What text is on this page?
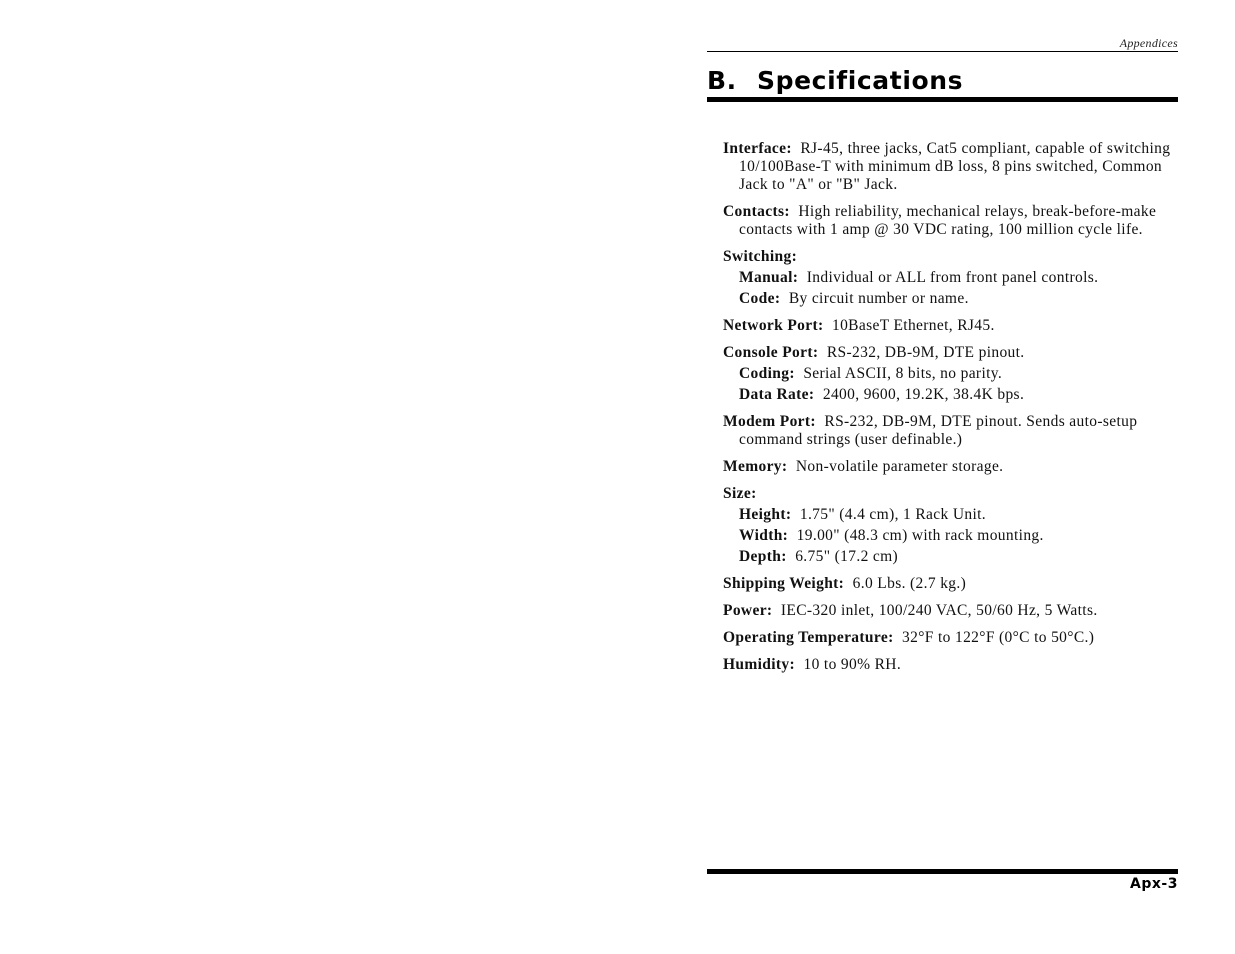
Appendices
B. Specifications

Interface: RJ-45, three jacks, Cat5 compliant, capable of switching 10/100Base-T with minimum dB loss, 8 pins switched, Common Jack to "A" or "B" Jack.

Contacts: High reliability, mechanical relays, break-before-make contacts with 1 amp @ 30 VDC rating, 100 million cycle life.

Switching:

Manual: Individual or ALL from front panel controls.

Code: By circuit number or name.

Network Port: 10BaseT Ethernet, RJ45.

Console Port: RS-232, DB-9M, DTE pinout.

Coding: Serial ASCII, 8 bits, no parity.

Data Rate: 2400, 9600, 19.2K, 38.4K bps.

Modem Port: RS-232, DB-9M, DTE pinout. Sends auto-setup command strings (user definable.)

Memory: Non-volatile parameter storage.

Size:

Height: 1.75" (4.4 cm), 1 Rack Unit.

Width: 19.00" (48.3 cm) with rack mounting.

Depth: 6.75" (17.2 cm)

Shipping Weight: 6.0 Lbs. (2.7 kg.)

Power: IEC-320 inlet, 100/240 VAC, 50/60 Hz, 5 Watts.

Operating Temperature: 32°F to 122°F (0°C to 50°C.)

Humidity: 10 to 90% RH.

Apx-3
